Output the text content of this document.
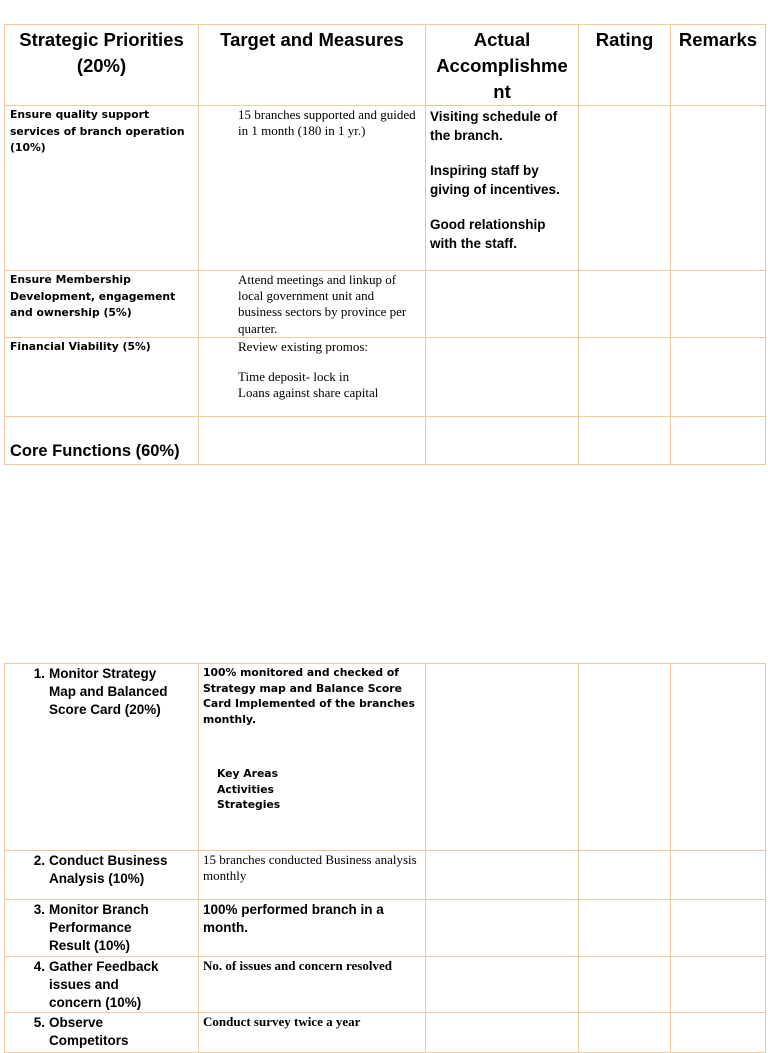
Strategic Priorities (20%)	Target and Measures	Actual
Accomplishme
nt	Rating	Remarks
Ensure quality support services of branch operation (10%)	15 branches supported and guided in 1 month (180 in 1 yr.)	Visiting schedule of the branch.

Inspiring staff by giving of incentives.

Good relationship with the staff.		

Ensure Membership Development, engagement and ownership (5%)	Attend meetings and linkup of local government unit and business sectors by province per quarter.			
Financial Viability (5%)	Review existing promos:
Time deposit- lock in
Loans against share capital			

Core Functions (60%)				
1. Monitor Strategy Map and Balanced Score Card (20%)	100% monitored and checked of Strategy map and Balance Score Card Implemented of the branches monthly.
Key Areas
Activities
Strategies			

2. Conduct Business Analysis (10%)	15 branches conducted Business analysis monthly			
3.Monitor Branch Performance Result (10%)	100% performed branch in a month.			
4. Gather Feedback issues and concern (10%)	No. of issues and concern resolved			
5. Observe Competitors	Conduct survey twice a year			
